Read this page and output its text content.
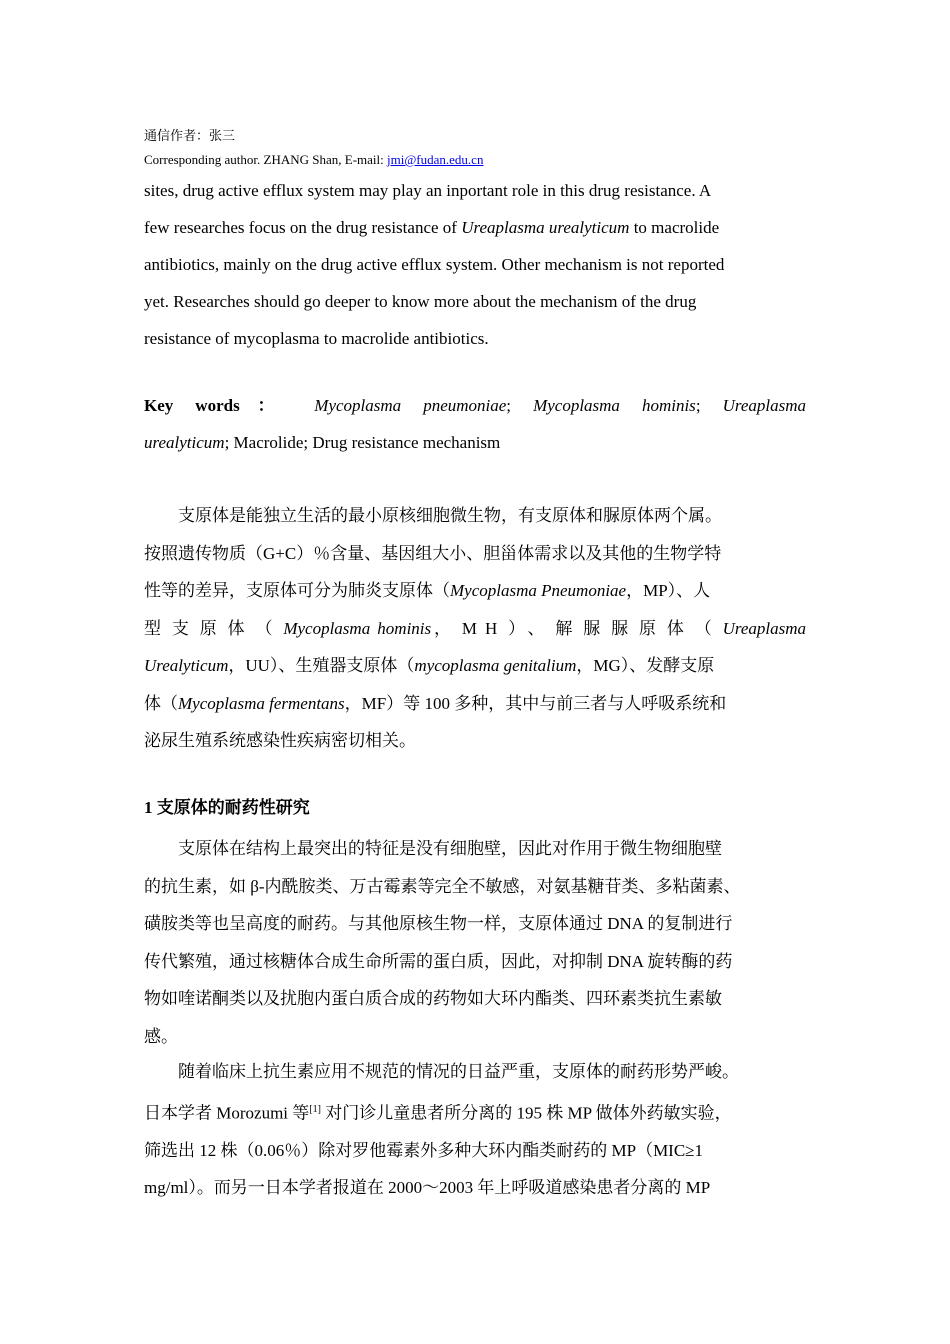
通信作者：张三
Corresponding author. ZHANG Shan, E-mail: jmi@fudan.edu.cn

sites, drug active efflux system may play an inportant role in this drug resistance. A

few researches focus on the drug resistance of Ureaplasma urealyticum to macrolide

antibiotics, mainly on the drug active efflux system. Other mechanism is not reported

yet. Researches should go deeper to know more about the mechanism of the drug

resistance of mycoplasma to macrolide antibiotics.

Key words： Mycoplasma pneumoniae; Mycoplasma hominis; Ureaplasma

urealyticum; Macrolide; Drug resistance mechanism

支原体是能独立生活的最小原核细胞微生物，有支原体和脲原体两个属。

按照遗传物质（G+C）％含量、基因组大小、胆甾体需求以及其他的生物学特

性等的差异，支原体可分为肺炎支原体（Mycoplasma Pneumoniae，MP）、人

型支原体（Mycoplasma hominis，MH）、解脲脲原体（Ureaplasma

Urealyticum，UU）、生殖器支原体（mycoplasma genitalium，MG）、发酵支原

体（Mycoplasma fermentans，MF）等 100 多种，其中与前三者与人呼吸系统和

泌尿生殖系统感染性疾病密切相关。

1 支原体的耐药性研究

支原体在结构上最突出的特征是没有细胞壁，因此对作用于微生物细胞壁

的抗生素，如 β-内酰胺类、万古霉素等完全不敏感，对氨基糖苷类、多粘菌素、

磺胺类等也呈高度的耐药。与其他原核生物一样，支原体通过 DNA 的复制进行

传代繁殖，通过核糖体合成生命所需的蛋白质，因此，对抑制 DNA 旋转酶的药

物如喹诺酮类以及扰胞内蛋白质合成的药物如大环内酯类、四环素类抗生素敏

感。

随着临床上抗生素应用不规范的情况的日益严重，支原体的耐药形势严峻。

日本学者 Morozumi 等[1] 对门诊儿童患者所分离的 195 株 MP 做体外药敏实验，

筛选出 12 株（0.06％）除对罗他霉素外多种大环内酯类耐药的 MP（MIC≥1

mg/ml）。而另一日本学者报道在 2000～2003 年上呼吸道感染患者分离的 MP
